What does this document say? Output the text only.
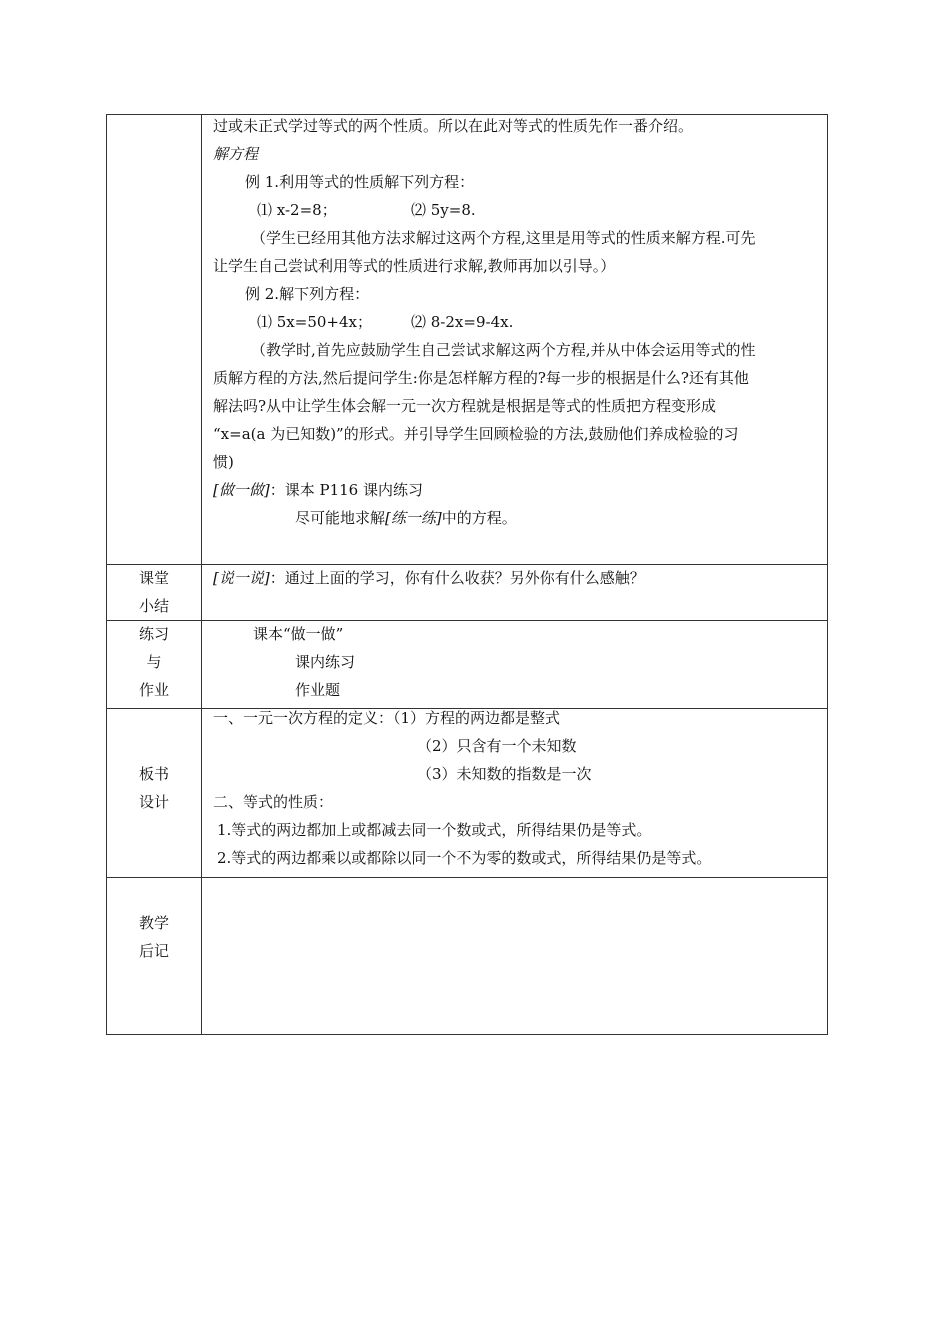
过或未正式学过等式的两个性质。所以在此对等式的性质先作一番介绍。
解方程
例 1.利用等式的性质解下列方程：
⑴ x-2=8；	⑵ 5y=8.
（学生已经用其他方法求解过这两个方程,这里是用等式的性质来解方程.可先
让学生自己尝试利用等式的性质进行求解,教师再加以引导。）
例 2.解下列方程：
⑴ 5x=50+4x；	⑵ 8-2x=9-4x.
（教学时,首先应鼓励学生自己尝试求解这两个方程,并从中体会运用等式的性
质解方程的方法,然后提问学生:你是怎样解方程的?每一步的根据是什么?还有其他
解法吗?从中让学生体会解一元一次方程就是根据是等式的性质把方程变形成
“x=a(a 为已知数)”的形式。并引导学生回顾检验的方法,鼓励他们养成检验的习
惯)
[做一做]：课本 P116 课内练习
尽可能地求解[练一练]中的方程。
课堂
小结
[说一说]：通过上面的学习，你有什么收获？另外你有什么感触？
练习
与
作业
课本“做一做”
课内练习
作业题
板书
设计
一、一元一次方程的定义：（1）方程的两边都是整式
（2）只含有一个未知数
（3）未知数的指数是一次
二、等式的性质：
1.等式的两边都加上或都减去同一个数或式，所得结果仍是等式。
2.等式的两边都乘以或都除以同一个不为零的数或式，所得结果仍是等式。
教学
后记
